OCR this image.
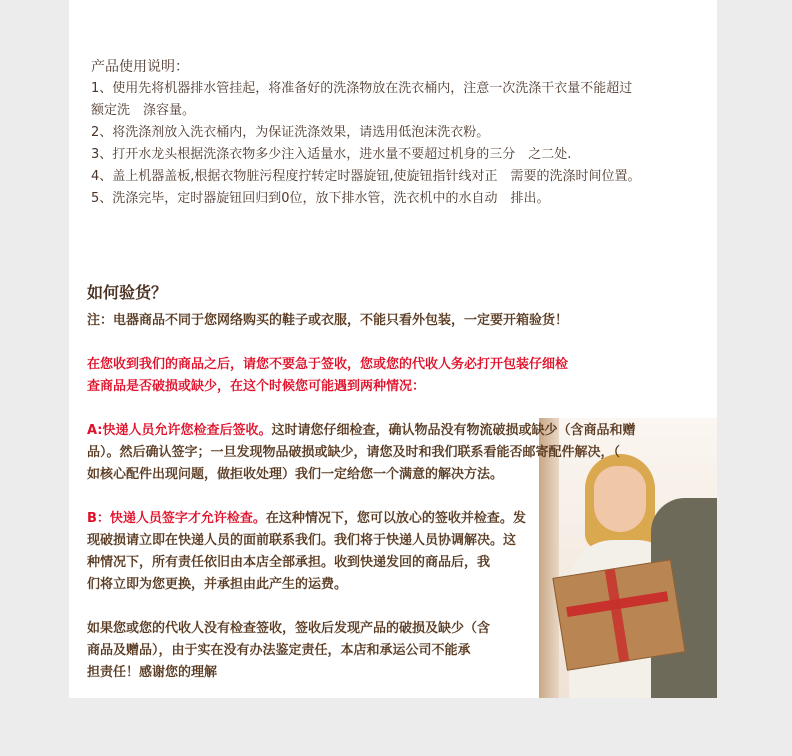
产品使用说明：

1、使用先将机器排水管挂起，将准备好的洗涤物放在洗衣桶内，注意一次洗涤干衣量不能超过

额定洗　涤容量。

2、将洗涤剂放入洗衣桶内，为保证洗涤效果，请选用低泡沫洗衣粉。

3、打开水龙头根据洗涤衣物多少注入适量水，进水量不要超过机身的三分　之二处.

4、盖上机器盖板,根据衣物脏污程度拧转定时器旋钮,使旋钮指针线对正　需要的洗涤时间位置。

5、洗涤完毕，定时器旋钮回归到0位，放下排水管，洗衣机中的水自动　排出。

如何验货？

注：电器商品不同于您网络购买的鞋子或衣服，不能只看外包装，一定要开箱验货！

在您收到我们的商品之后，请您不要急于签收，您或您的代收人务必打开包装仔细检

查商品是否破损或缺少，在这个时候您可能遇到两种情况：

A:快递人员允许您检查后签收。这时请您仔细检查，确认物品没有物流破损或缺少（含商品和赠

品）。然后确认签字；一旦发现物品破损或缺少，请您及时和我们联系看能否邮寄配件解决，（

如核心配件出现问题，做拒收处理）我们一定给您一个满意的解决方法。

B：快递人员签字才允许检查。在这种情况下，您可以放心的签收并检查。发

现破损请立即在快递人员的面前联系我们。我们将于快递人员协调解决。这

种情况下，所有责任依旧由本店全部承担。收到快递发回的商品后，我

们将立即为您更换，并承担由此产生的运费。

如果您或您的代收人没有检查签收，签收后发现产品的破损及缺少（含

商品及赠品），由于实在没有办法鉴定责任，本店和承运公司不能承

担责任！感谢您的理解
